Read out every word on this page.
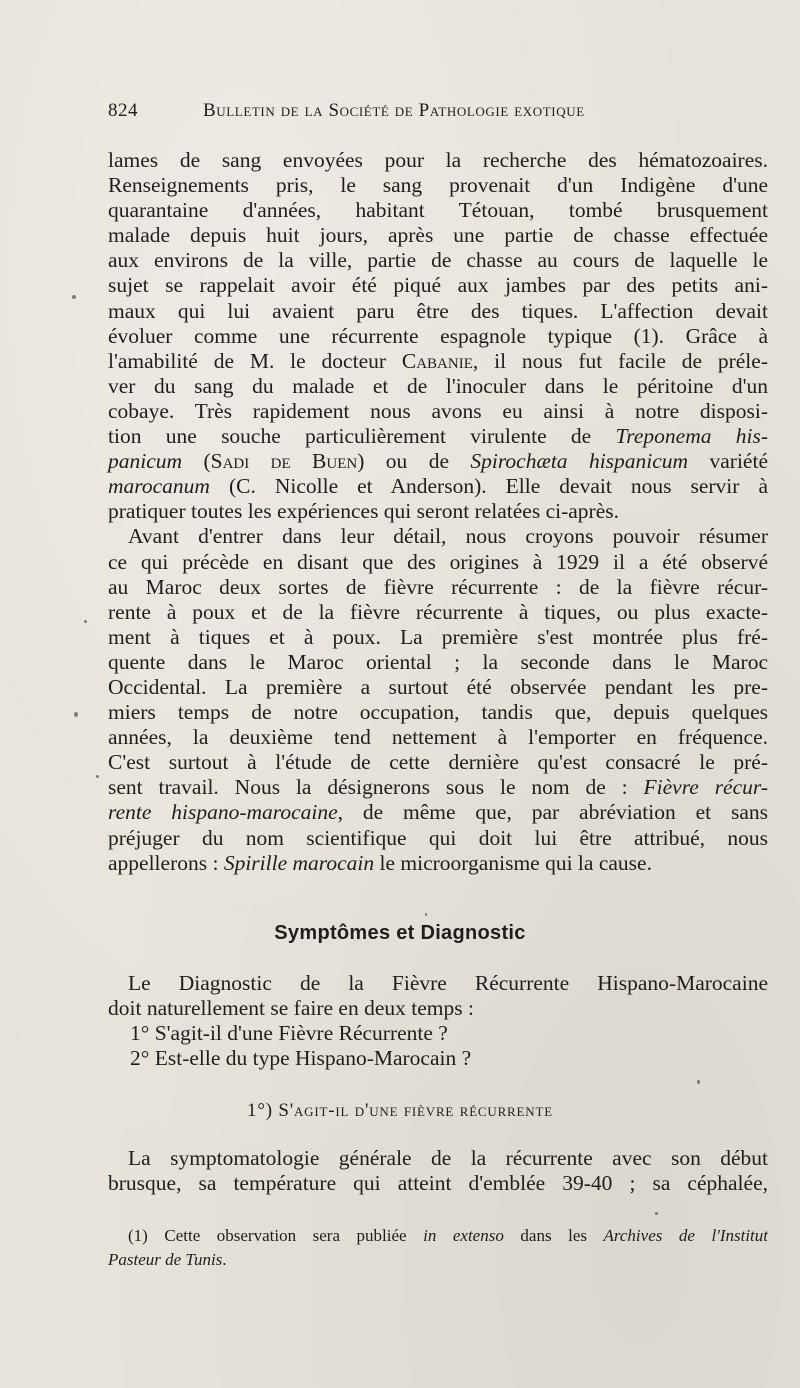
824	Bulletin de la Société de Pathologie exotique
lames de sang envoyées pour la recherche des hématozoaires.
Renseignements pris, le sang provenait d'un Indigène d'une
quarantaine d'années, habitant Tétouan, tombé brusquement
malade depuis huit jours, après une partie de chasse effectuée
aux environs de la ville, partie de chasse au cours de laquelle le
sujet se rappelait avoir été piqué aux jambes par des petits ani-
maux qui lui avaient paru être des tiques. L'affection devait
évoluer comme une récurrente espagnole typique (1). Grâce à
l'amabilité de M. le docteur Cabanie, il nous fut facile de préle-
ver du sang du malade et de l'inoculer dans le péritoine d'un
cobaye. Très rapidement nous avons eu ainsi à notre disposi-
tion une souche particulièrement virulente de Treponema his-
panicum (Sadi de Buen) ou de Spirochæta hispanicum variété
marocanum (C. Nicolle et Anderson). Elle devait nous servir à
pratiquer toutes les expériences qui seront relatées ci-après.
Avant d'entrer dans leur détail, nous croyons pouvoir résumer
ce qui précède en disant que des origines à 1929 il a été observé
au Maroc deux sortes de fièvre récurrente : de la fièvre récur-
rente à poux et de la fièvre récurrente à tiques, ou plus exacte-
ment à tiques et à poux. La première s'est montrée plus fré-
quente dans le Maroc oriental ; la seconde dans le Maroc
Occidental. La première a surtout été observée pendant les pre-
miers temps de notre occupation, tandis que, depuis quelques
années, la deuxième tend nettement à l'emporter en fréquence.
C'est surtout à l'étude de cette dernière qu'est consacré le pré-
sent travail. Nous la désignerons sous le nom de : Fièvre récur-
rente hispano-marocaine, de même que, par abréviation et sans
préjuger du nom scientifique qui doit lui être attribué, nous
appellerons : Spirille marocain le microorganisme qui la cause.
Symptômes et Diagnostic
Le Diagnostic de la Fièvre Récurrente Hispano-Marocaine
doit naturellement se faire en deux temps :
1° S'agit-il d'une Fièvre Récurrente ?
2° Est-elle du type Hispano-Marocain ?
1°) S'agit-il d'une fièvre récurrente
La symptomatologie générale de la récurrente avec son début
brusque, sa température qui atteint d'emblée 39-40 ; sa céphalée,
(1) Cette observation sera publiée in extenso dans les Archives de l'Institut
Pasteur de Tunis.
